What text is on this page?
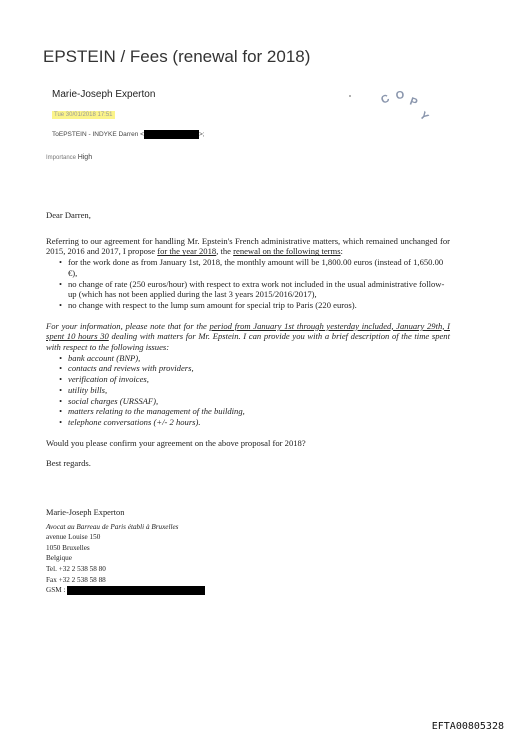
EPSTEIN / Fees (renewal for 2018)
Marie-Joseph Experton
Tue 30/01/2018 17:51
ToEPSTEIN - INDYKE Darren <	>;
Importance High
C O P
Y

Dear Darren,

Referring to our agreement for handling Mr. Epstein's French administrative matters, which remained unchanged for 2015, 2016 and 2017, I propose for the year 2018, the renewal on the following terms:

• for the work done as from January 1st, 2018, the monthly amount will be 1,800.00 euros (instead of 1,650.00 €),
• no change of rate (250 euros/hour) with respect to extra work not included in the usual administrative follow-up (which has not been applied during the last 3 years 2015/2016/2017),
• no change with respect to the lump sum amount for special trip to Paris (220 euros).

For your information, please note that for the period from January 1st through yesterday included, January 29th, I spent 10 hours 30 dealing with matters for Mr. Epstein. I can provide you with a brief description of the time spent with respect to the following issues:

• bank account (BNP),
• contacts and reviews with providers,
• verification of invoices,
• utility bills,
• social charges (URSSAF),
• matters relating to the management of the building,
• telephone conversations (+/- 2 hours).

Would you please confirm your agreement on the above proposal for 2018?

Best regards.

Marie-Joseph Experton
Avocat au Barreau de Paris établi à Bruxelles
avenue Louise 150
1050 Bruxelles
Belgique
Tel. +32 2 538 58 80
Fax +32 2 538 58 88
GSM :
EFTA00805328
